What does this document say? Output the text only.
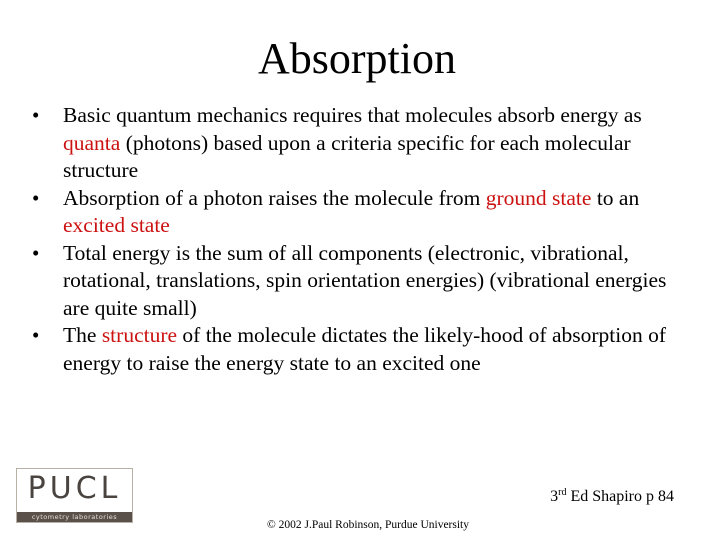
Absorption
• Basic quantum mechanics requires that molecules absorb energy as quanta (photons) based upon a criteria specific for each molecular structure
• Absorption of a photon raises the molecule from ground state to an excited state
• Total energy is the sum of all components (electronic, vibrational, rotational, translations, spin orientation energies) (vibrational energies are quite small)
• The structure of the molecule dictates the likely-hood of absorption of energy to raise the energy state to an excited one
PUCL
cytometry laboratories
3rd Ed Shapiro p 84
© 2002 J.Paul Robinson, Purdue University
